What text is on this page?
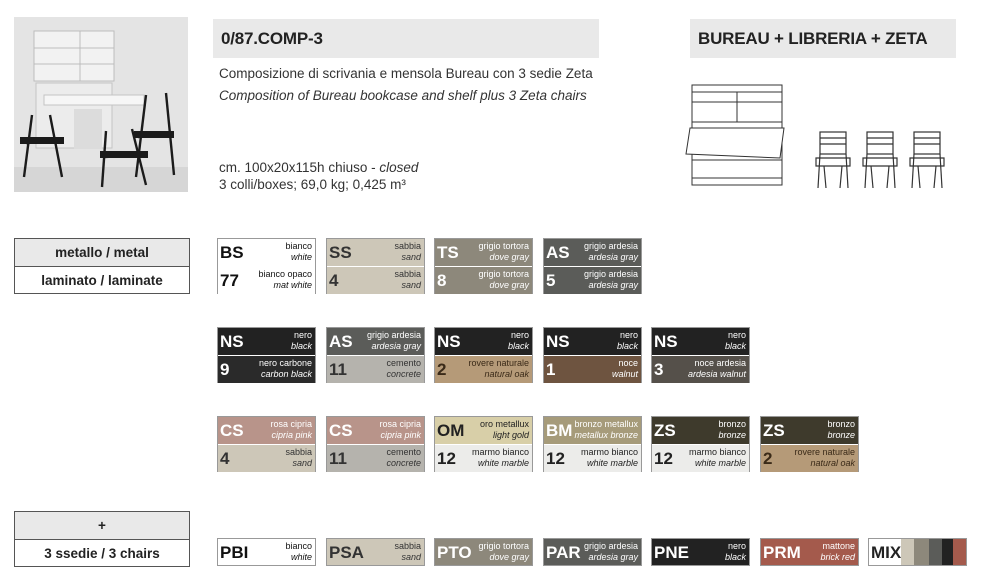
0/87.COMP-3	BUREAU + LIBRERIA + ZETA
Composizione di scrivania e mensola Bureau con 3 sedie Zeta
Composition of Bureau bookcase and shelf plus 3 Zeta chairs
cm. 100x20x115h chiuso - closed
3 colli/boxes; 69,0 kg; 0,425 m³
metallo / metal
laminato / laminate
+
3 ssedie / 3 chairs
BS	bianco
white
77 bianco opaco
mat white
SS	sabbia
sand
4	sabbia
sand
TS grigio tortora
dove gray
8	grigio tortora
dove gray
AS grigio ardesia
ardesia gray
5	grigio ardesia
ardesia gray
NS	nero
black
9	nero carbone
carbon black
AS grigio ardesia
ardesia gray
11	cemento
concrete
NS	nero
black
2 rovere naturale
natural oak
NS	nero
black
1	noce
walnut
NS	nero
black
3	noce ardesia
ardesia walnut
CS	rosa cipria
cipria pink
4	sabbia
sand
CS	rosa cipria
cipria pink
11	cemento
concrete
OM oro metallux
light gold
12 marmo bianco
white marble
BM bronzo metallux
metallux bronze
12 marmo bianco
white marble
ZS	bronzo
bronze
12 marmo bianco
white marble
ZS	bronzo
bronze
2 rovere naturale
natural oak
PBI	bianco
white PSA	sabbia
sand PTO grigio tortora
dove gray PAR grigio ardesia
ardesia gray PNE	nero
black PRM mattone
brick red MIX
